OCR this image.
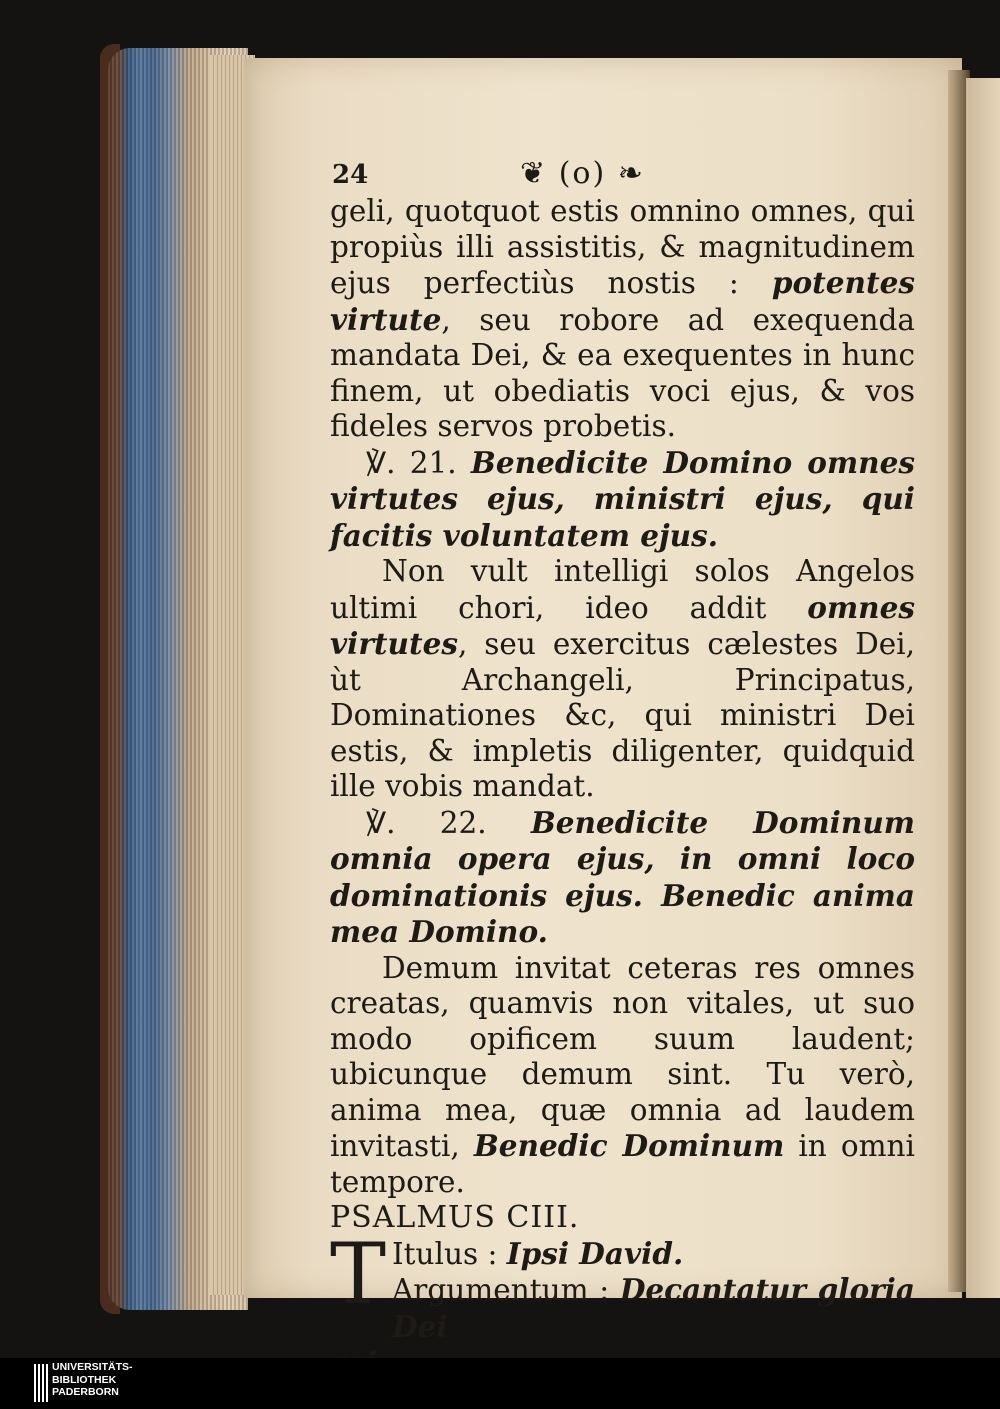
24	❦ (o) ❧

geli, quotquot estis omnino omnes, qui propiùs illi assistitis, & magnitudinem ejus perfectiùs nostis : potentes virtute, seu robore ad exequenda mandata Dei, & ea exequentes in hunc finem, ut obediatis voci ejus, & vos fideles servos probetis.

℣. 21. Benedicite Domino omnes virtutes ejus, ministri ejus, qui facitis voluntatem ejus.

Non vult intelligi solos Angelos ultimi chori, ideo addit omnes virtutes, seu exercitus cælestes Dei, ùt Archangeli, Principatus, Dominationes &c, qui ministri Dei estis, & impletis diligenter, quidquid ille vobis mandat.

℣. 22. Benedicite Dominum omnia opera ejus, in omni loco dominationis ejus. Benedic anima mea Domino.

Demum invitat ceteras res omnes creatas, quamvis non vitales, ut suo modo opificem suum laudent; ubicunque demum sint. Tu verò, anima mea, quæ omnia ad laudem invitasti, Benedic Dominum in omni tempore.

PSALMUS CIII.

T Itulus : Ipsi David.

Argumentum : Decantatur gloria Dei

UNIVERSITÄTS-
BIBLIOTHEK
PADERBORN
